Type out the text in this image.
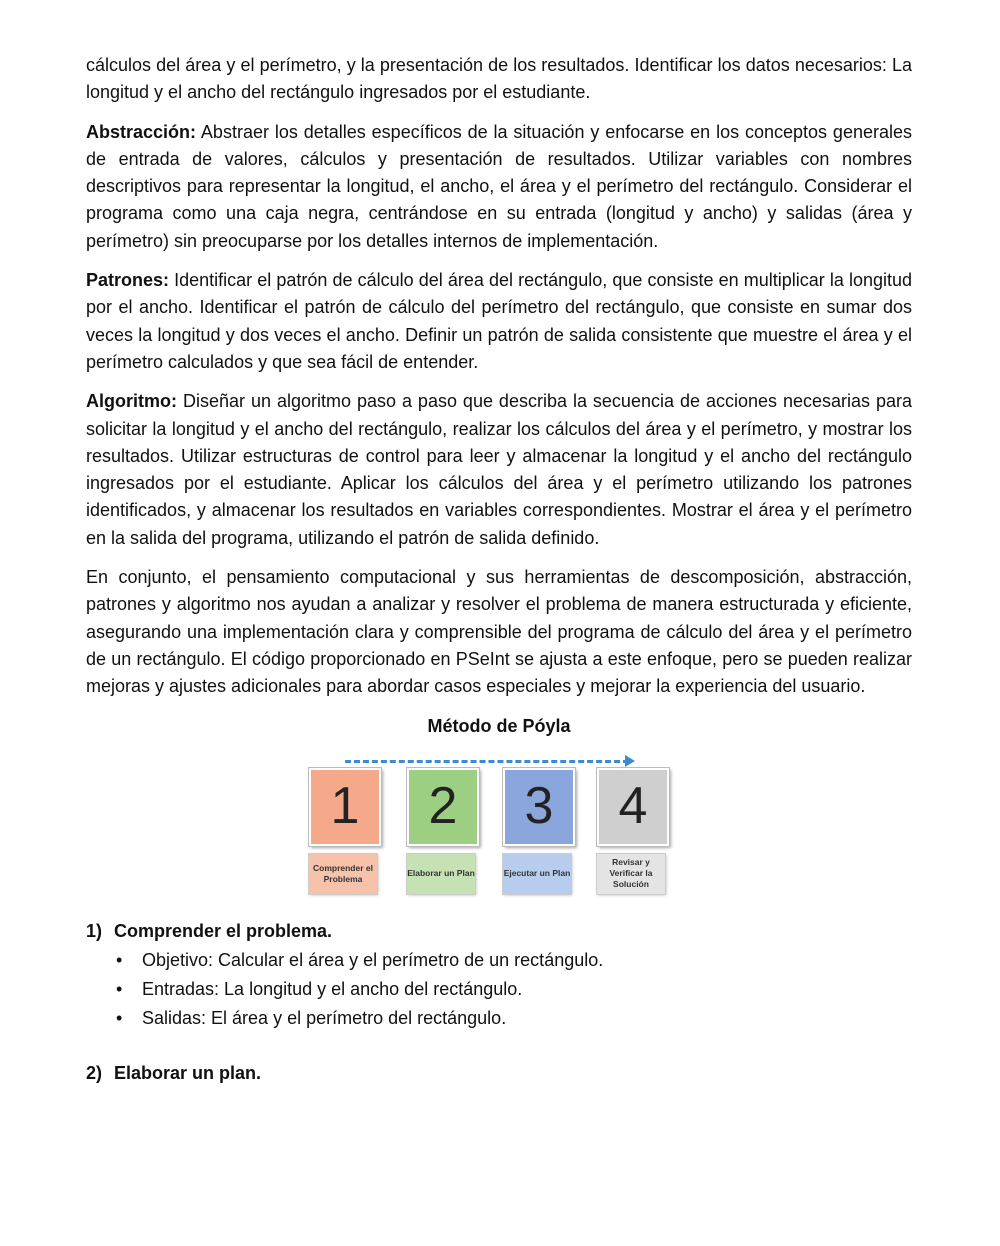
cálculos del área y el perímetro, y la presentación de los resultados. Identificar los datos necesarios: La longitud y el ancho del rectángulo ingresados por el estudiante.

Abstracción: Abstraer los detalles específicos de la situación y enfocarse en los conceptos generales de entrada de valores, cálculos y presentación de resultados. Utilizar variables con nombres descriptivos para representar la longitud, el ancho, el área y el perímetro del rectángulo. Considerar el programa como una caja negra, centrándose en su entrada (longitud y ancho) y salidas (área y perímetro) sin preocuparse por los detalles internos de implementación.

Patrones: Identificar el patrón de cálculo del área del rectángulo, que consiste en multiplicar la longitud por el ancho. Identificar el patrón de cálculo del perímetro del rectángulo, que consiste en sumar dos veces la longitud y dos veces el ancho. Definir un patrón de salida consistente que muestre el área y el perímetro calculados y que sea fácil de entender.

Algoritmo: Diseñar un algoritmo paso a paso que describa la secuencia de acciones necesarias para solicitar la longitud y el ancho del rectángulo, realizar los cálculos del área y el perímetro, y mostrar los resultados. Utilizar estructuras de control para leer y almacenar la longitud y el ancho del rectángulo ingresados por el estudiante. Aplicar los cálculos del área y el perímetro utilizando los patrones identificados, y almacenar los resultados en variables correspondientes. Mostrar el área y el perímetro en la salida del programa, utilizando el patrón de salida definido.

En conjunto, el pensamiento computacional y sus herramientas de descomposición, abstracción, patrones y algoritmo nos ayudan a analizar y resolver el problema de manera estructurada y eficiente, asegurando una implementación clara y comprensible del programa de cálculo del área y el perímetro de un rectángulo. El código proporcionado en PSeInt se ajusta a este enfoque, pero se pueden realizar mejoras y ajustes adicionales para abordar casos especiales y mejorar la experiencia del usuario.

Método de Póyla
1
Comprender el Problema
2
Elaborar un Plan
3
Ejecutar un Plan
4
Revisar y Verificar la Solución
1) Comprender el problema.
• Objetivo: Calcular el área y el perímetro de un rectángulo.
• Entradas: La longitud y el ancho del rectángulo.
• Salidas: El área y el perímetro del rectángulo.
2) Elaborar un plan.
